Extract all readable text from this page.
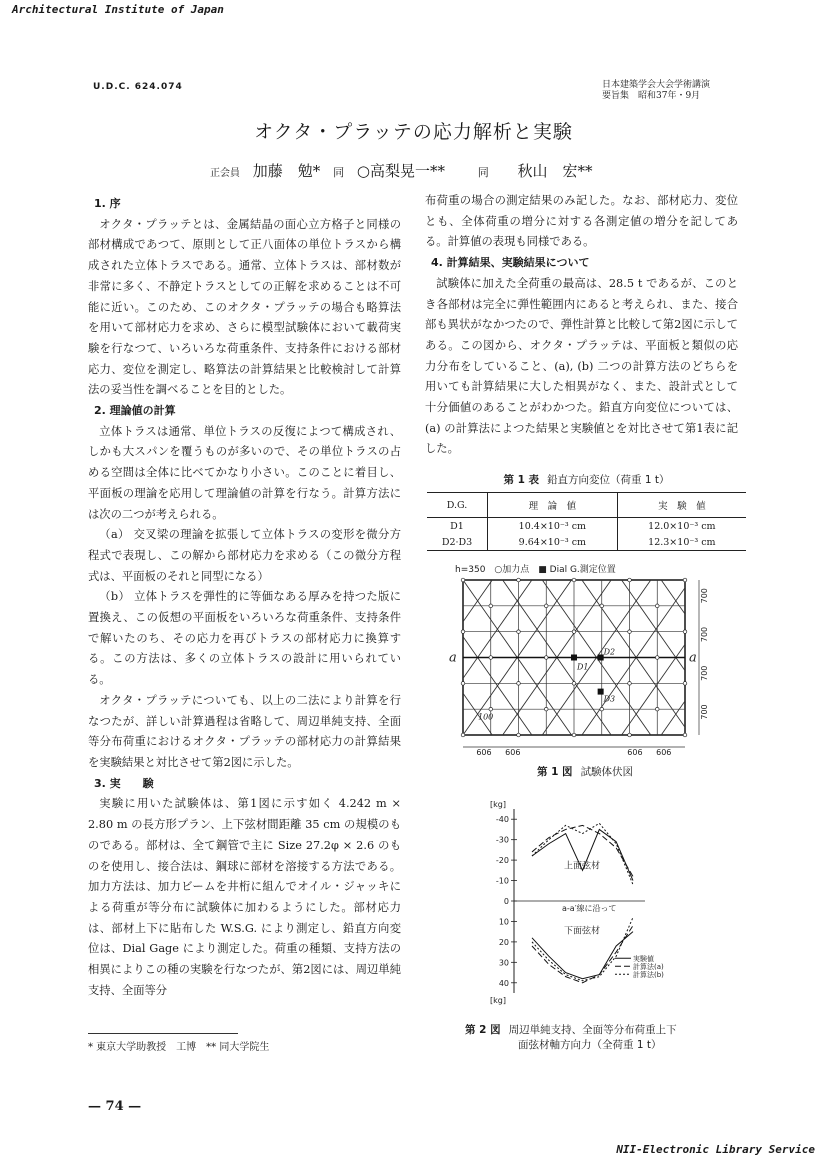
Architectural Institute of Japan
NII-Electronic Library Service
U.D.C. 624.074	日本建築学会大会学術講演
要旨集　昭和37年・9月
オクタ・プラッテの応力解析と実験
正会員 加藤　勉* 同 ○高梨晃一**	同 秋山　宏**

1. 序

オクタ・プラッテとは、金属結晶の面心立方格子と同様の部材構成であつて、原則として正八面体の単位トラスから構成された立体トラスである。通常、立体トラスは、部材数が非常に多く、不静定トラスとしての正解を求めることは不可能に近い。このため、このオクタ・プラッテの場合も略算法を用いて部材応力を求め、さらに模型試験体において載荷実験を行なつて、いろいろな荷重条件、支持条件における部材応力、変位を測定し、略算法の計算結果と比較検討して計算法の妥当性を調べることを目的とした。

2. 理論値の計算

立体トラスは通常、単位トラスの反復によつて構成され、しかも大スパンを覆うものが多いので、その単位トラスの占める空間は全体に比べてかなり小さい。このことに着目し、平面板の理論を応用して理論値の計算を行なう。計算方法には次の二つが考えられる。

（a） 交叉梁の理論を拡張して立体トラスの変形を微分方程式で表現し、この解から部材応力を求める（この微分方程式は、平面板のそれと同型になる）

（b） 立体トラスを弾性的に等価なある厚みを持つた版に置換え、この仮想の平面板をいろいろな荷重条件、支持条件で解いたのち、その応力を再びトラスの部材応力に換算する。この方法は、多くの立体トラスの設計に用いられている。

オクタ・プラッテについても、以上の二法により計算を行なつたが、詳しい計算過程は省略して、周辺単純支持、全面等分布荷重におけるオクタ・プラッテの部材応力の計算結果を実験結果と対比させて第2図に示した。

3. 実　　験

実験に用いた試験体は、第1図に示す如く 4.242 m × 2.80 m の長方形プラン、上下弦材間距離 35 cm の規模のものである。部材は、全て鋼管で主に Size 27.2φ × 2.6 のものを使用し、接合法は、鋼球に部材を溶接する方法である。加力方法は、加力ビームを井桁に組んでオイル・ジャッキによる荷重が等分布に試験体に加わるようにした。部材応力は、部材上下に貼布した W.S.G. により測定し、鉛直方向変位は、Dial Gage により測定した。荷重の種類、支持方法の相異によりこの種の実験を行なつたが、第2図には、周辺単純支持、全面等分

布荷重の場合の測定結果のみ記した。なお、部材応力、変位とも、全体荷重の増分に対する各測定値の増分を記してある。計算値の表現も同様である。

4. 計算結果、実験結果について

試験体に加えた全荷重の最高は、28.5 t であるが、このとき各部材は完全に弾性範囲内にあると考えられ、また、接合部も異状がなかつたので、弾性計算と比較して第2図に示してある。この図から、オクタ・プラッテは、平面板と類似の応力分布をしていること、(a), (b) 二つの計算方法のどちらを用いても計算結果に大した相異がなく、また、設計式として十分価値のあることがわかつた。鉛直方向変位については、(a) の計算法によつた結果と実験値とを対比させて第1表に記した。

第 1 表 鉛直方向変位（荷重 1 t）
D.G.	理　論　値	実　験　値
D1	10.4×10⁻³ cm	12.0×10⁻³ cm
D2·D3	9.64×10⁻³ cm	12.3×10⁻³ cm
h=350　○加力点　■ Dial G.測定位置
a	a
D1
D2
D3
100
700
700
700
700
606 606	606 606
第 1 図 試験体伏図
-40
-30
-20
-10
0
10
20
30
40
[kg]
[kg]
上面弦材
a-a′線に沿って
下面弦材
実験値
計算法(a)
計算法(b)
第 2 図 周辺単純支持、全面等分布荷重上下
面弦材軸方向力（全荷重 1 t）
* 東京大学助教授　工博　** 同大学院生
— 74 —
